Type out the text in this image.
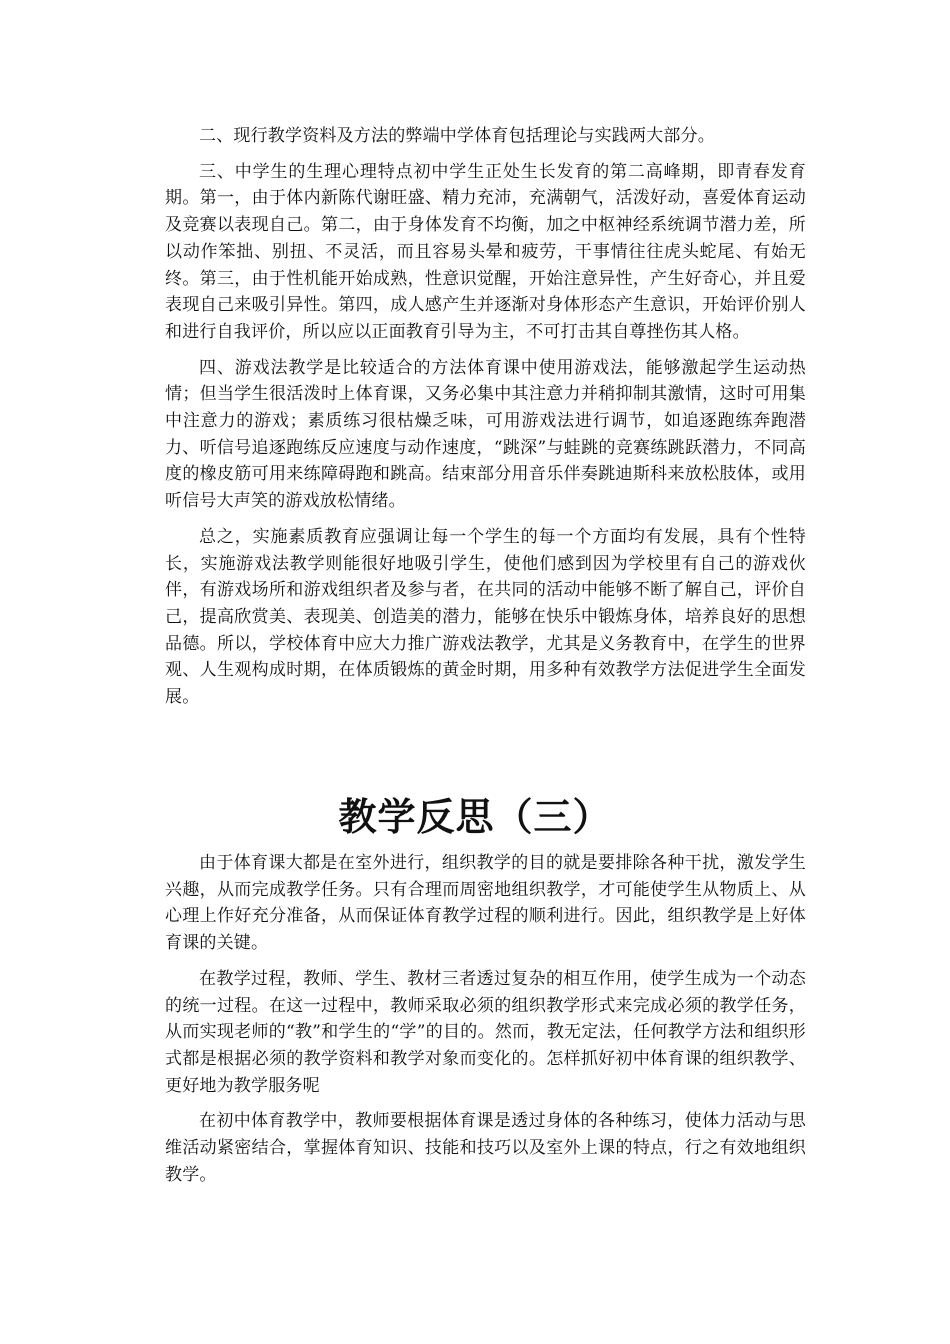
二、现行教学资料及方法的弊端中学体育包括理论与实践两大部分。

三、中学生的生理心理特点初中学生正处生长发育的第二高峰期，即青春发育期。第一，由于体内新陈代谢旺盛、精力充沛，充满朝气，活泼好动，喜爱体育运动及竞赛以表现自己。第二，由于身体发育不均衡，加之中枢神经系统调节潜力差，所以动作笨拙、别扭、不灵活，而且容易头晕和疲劳，干事情往往虎头蛇尾、有始无终。第三，由于性机能开始成熟，性意识觉醒，开始注意异性，产生好奇心，并且爱表现自己来吸引异性。第四，成人感产生并逐渐对身体形态产生意识，开始评价别人和进行自我评价，所以应以正面教育引导为主，不可打击其自尊挫伤其人格。

四、游戏法教学是比较适合的方法体育课中使用游戏法，能够激起学生运动热情；但当学生很活泼时上体育课，又务必集中其注意力并稍抑制其激情，这时可用集中注意力的游戏；素质练习很枯燥乏味，可用游戏法进行调节，如追逐跑练奔跑潜力、听信号追逐跑练反应速度与动作速度，“跳深”与蛙跳的竞赛练跳跃潜力，不同高度的橡皮筋可用来练障碍跑和跳高。结束部分用音乐伴奏跳迪斯科来放松肢体，或用听信号大声笑的游戏放松情绪。

总之，实施素质教育应强调让每一个学生的每一个方面均有发展，具有个性特长，实施游戏法教学则能很好地吸引学生，使他们感到因为学校里有自己的游戏伙伴，有游戏场所和游戏组织者及参与者，在共同的活动中能够不断了解自己，评价自己，提高欣赏美、表现美、创造美的潜力，能够在快乐中锻炼身体，培养良好的思想品德。所以，学校体育中应大力推广游戏法教学，尤其是义务教育中，在学生的世界观、人生观构成时期，在体质锻炼的黄金时期，用多种有效教学方法促进学生全面发展。

教学反思（三）

由于体育课大都是在室外进行，组织教学的目的就是要排除各种干扰，激发学生兴趣，从而完成教学任务。只有合理而周密地组织教学，才可能使学生从物质上、从心理上作好充分准备，从而保证体育教学过程的顺利进行。因此，组织教学是上好体育课的关键。

在教学过程，教师、学生、教材三者透过复杂的相互作用，使学生成为一个动态的统一过程。在这一过程中，教师采取必须的组织教学形式来完成必须的教学任务，从而实现老师的“教”和学生的“学”的目的。然而，教无定法，任何教学方法和组织形式都是根据必须的教学资料和教学对象而变化的。怎样抓好初中体育课的组织教学、更好地为教学服务呢

在初中体育教学中，教师要根据体育课是透过身体的各种练习，使体力活动与思维活动紧密结合，掌握体育知识、技能和技巧以及室外上课的特点，行之有效地组织教学。
